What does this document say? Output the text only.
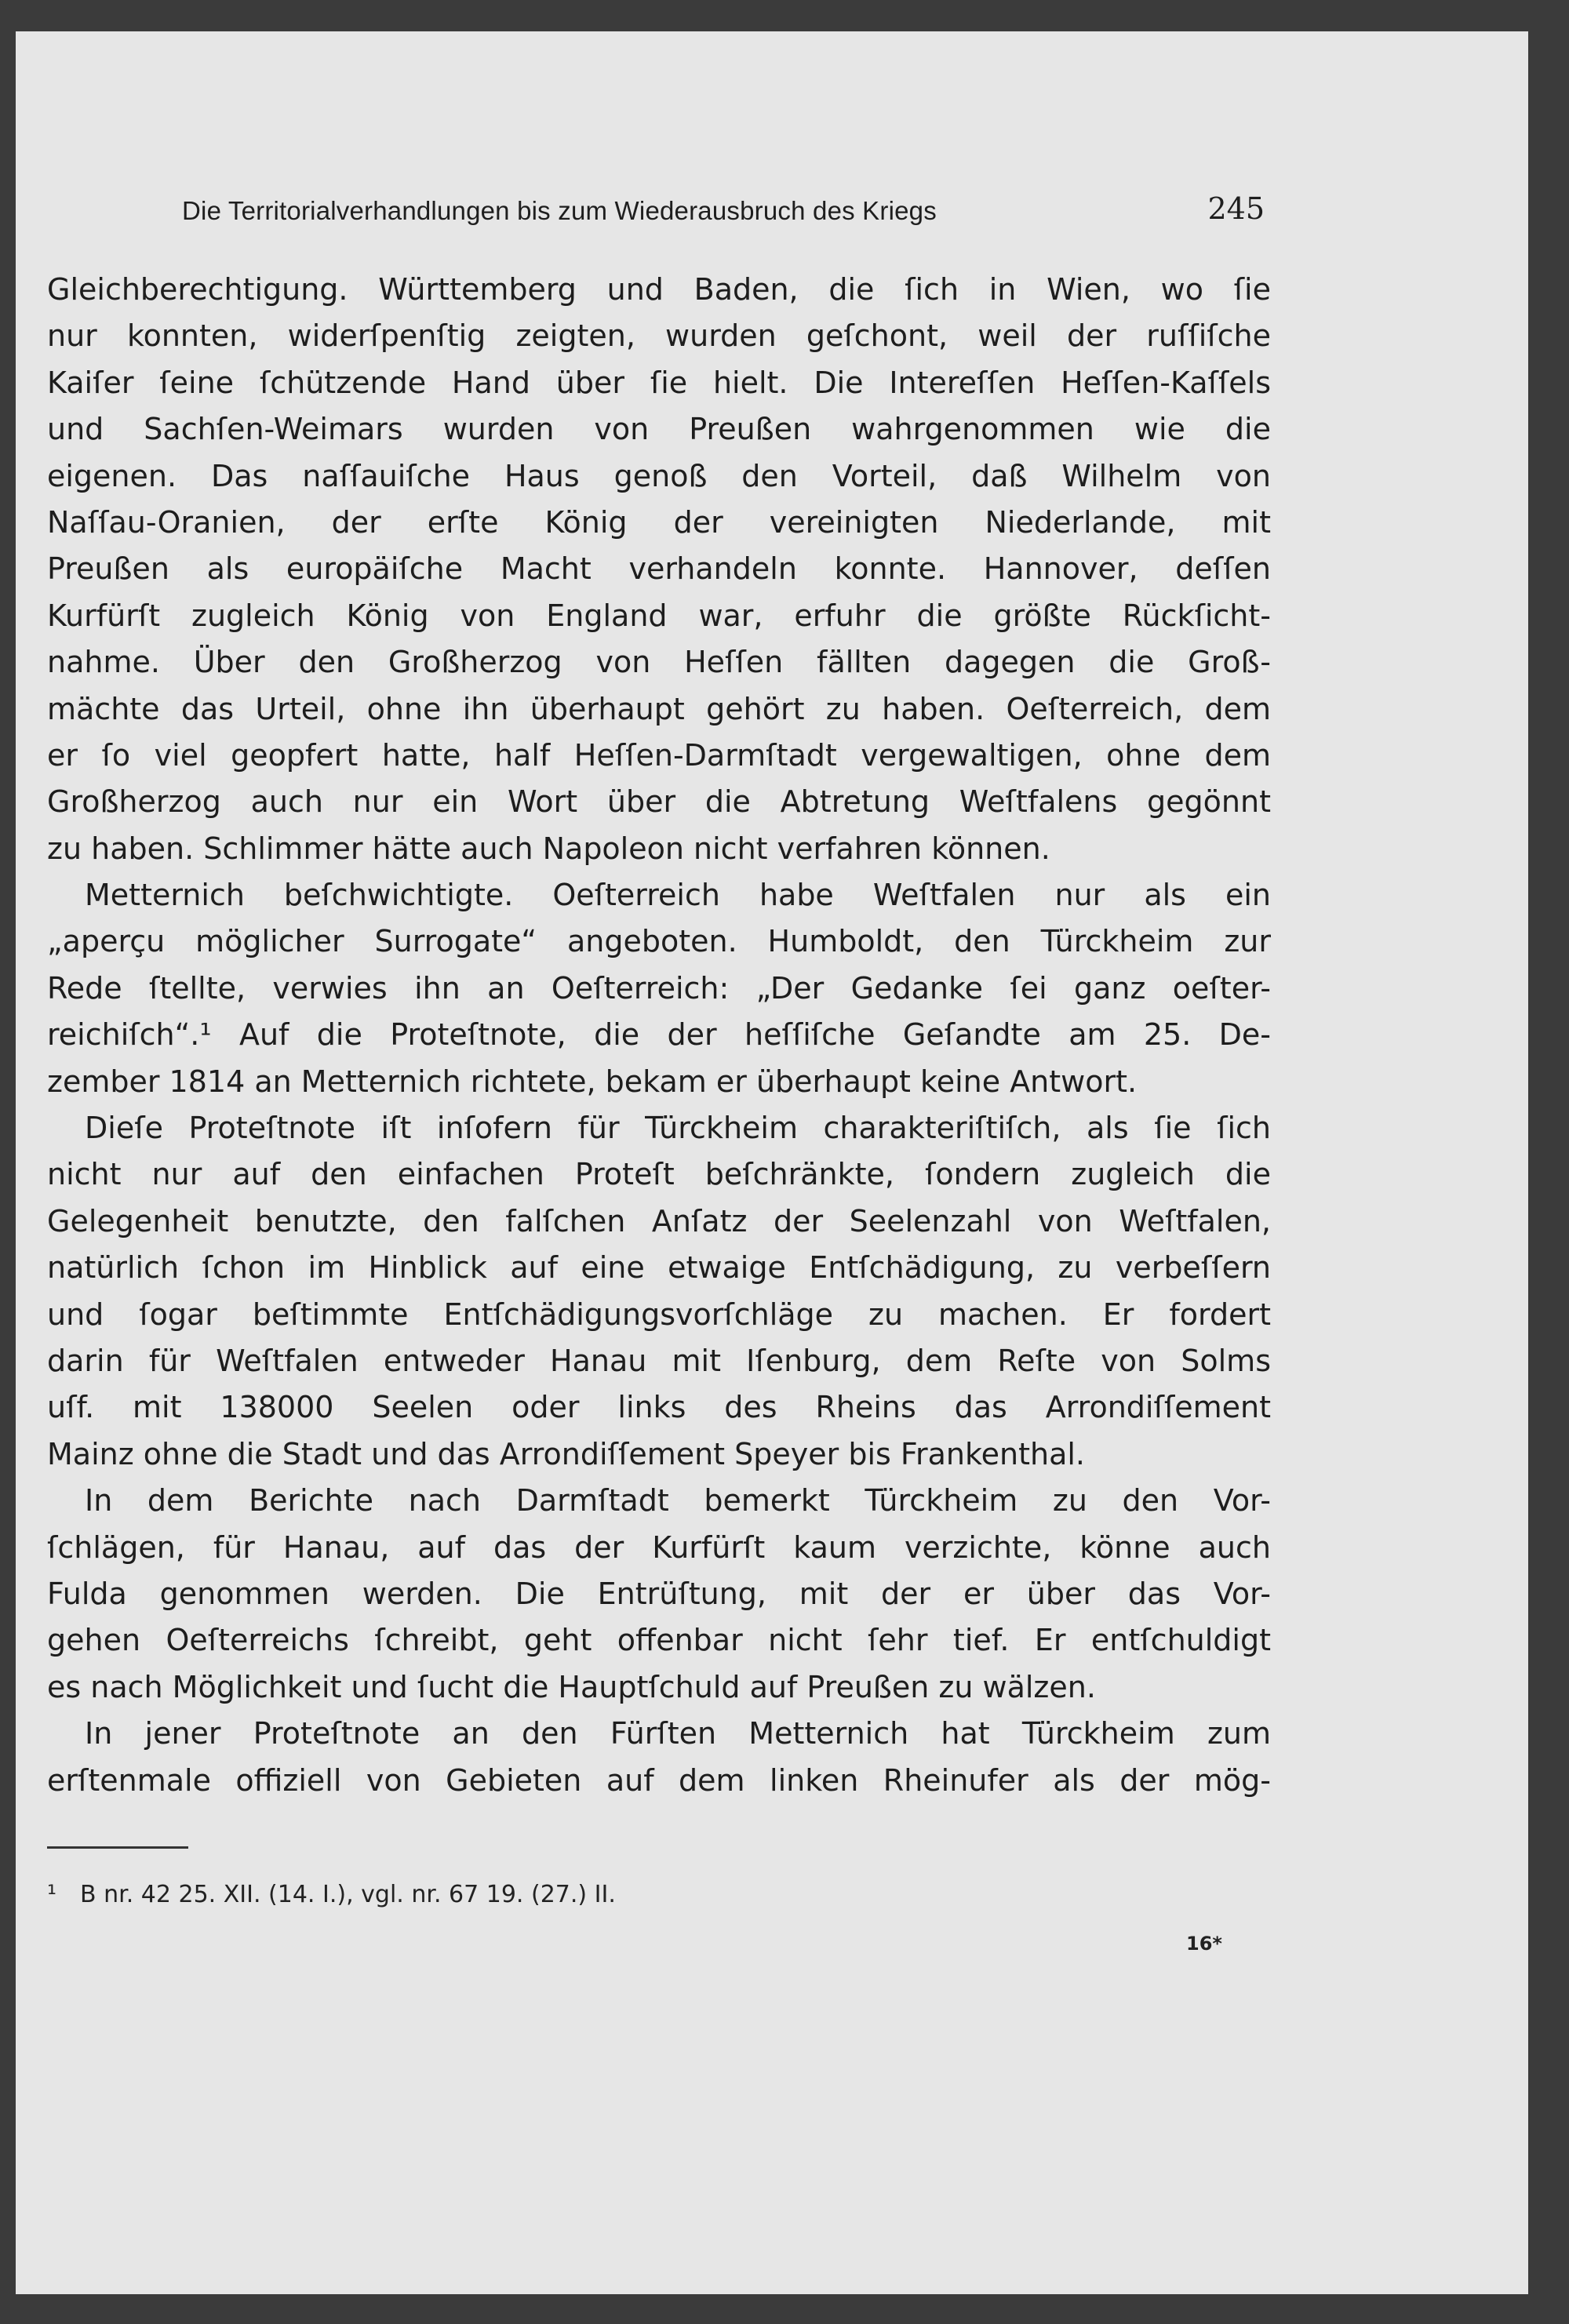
Die Territorialverhandlungen bis zum Wiederausbruch des Kriegs	245
Gleichberechtigung. Württemberg und Baden, die ſich in Wien, wo ſie
nur konnten, widerſpenſtig zeigten, wurden geſchont, weil der ruſſiſche
Kaiſer ſeine ſchützende Hand über ſie hielt. Die Intereſſen Heſſen-Kaſſels
und Sachſen-Weimars wurden von Preußen wahrgenommen wie die
eigenen. Das naſſauiſche Haus genoß den Vorteil, daß Wilhelm von
Naſſau-Oranien, der erſte König der vereinigten Niederlande, mit
Preußen als europäiſche Macht verhandeln konnte. Hannover, deſſen
Kurfürſt zugleich König von England war, erfuhr die größte Rückſicht-
nahme. Über den Großherzog von Heſſen fällten dagegen die Groß-
mächte das Urteil, ohne ihn überhaupt gehört zu haben. Oeſterreich, dem
er ſo viel geopfert hatte, half Heſſen-Darmſtadt vergewaltigen, ohne dem
Großherzog auch nur ein Wort über die Abtretung Weſtfalens gegönnt
zu haben. Schlimmer hätte auch Napoleon nicht verfahren können.
Metternich beſchwichtigte. Oeſterreich habe Weſtfalen nur als ein
„aperçu möglicher Surrogate“ angeboten. Humboldt, den Türckheim zur
Rede ſtellte, verwies ihn an Oeſterreich: „Der Gedanke ſei ganz oeſter-
reichiſch“.¹ Auf die Proteſtnote, die der heſſiſche Geſandte am 25. De-
zember 1814 an Metternich richtete, bekam er überhaupt keine Antwort.
Dieſe Proteſtnote iſt inſofern für Türckheim charakteriſtiſch, als ſie ſich
nicht nur auf den einfachen Proteſt beſchränkte, ſondern zugleich die
Gelegenheit benutzte, den falſchen Anſatz der Seelenzahl von Weſtfalen,
natürlich ſchon im Hinblick auf eine etwaige Entſchädigung, zu verbeſſern
und ſogar beſtimmte Entſchädigungsvorſchläge zu machen. Er fordert
darin für Weſtfalen entweder Hanau mit Iſenburg, dem Reſte von Solms
uſf. mit 138000 Seelen oder links des Rheins das Arrondiſſement
Mainz ohne die Stadt und das Arrondiſſement Speyer bis Frankenthal.
In dem Berichte nach Darmſtadt bemerkt Türckheim zu den Vor-
ſchlägen, für Hanau, auf das der Kurfürſt kaum verzichte, könne auch
Fulda genommen werden. Die Entrüſtung, mit der er über das Vor-
gehen Oeſterreichs ſchreibt, geht offenbar nicht ſehr tief. Er entſchuldigt
es nach Möglichkeit und ſucht die Hauptſchuld auf Preußen zu wälzen.
In jener Proteſtnote an den Fürſten Metternich hat Türckheim zum
erſtenmale offiziell von Gebieten auf dem linken Rheinufer als der mög-
¹ B nr. 42 25. XII. (14. I.), vgl. nr. 67 19. (27.) II.
16*
